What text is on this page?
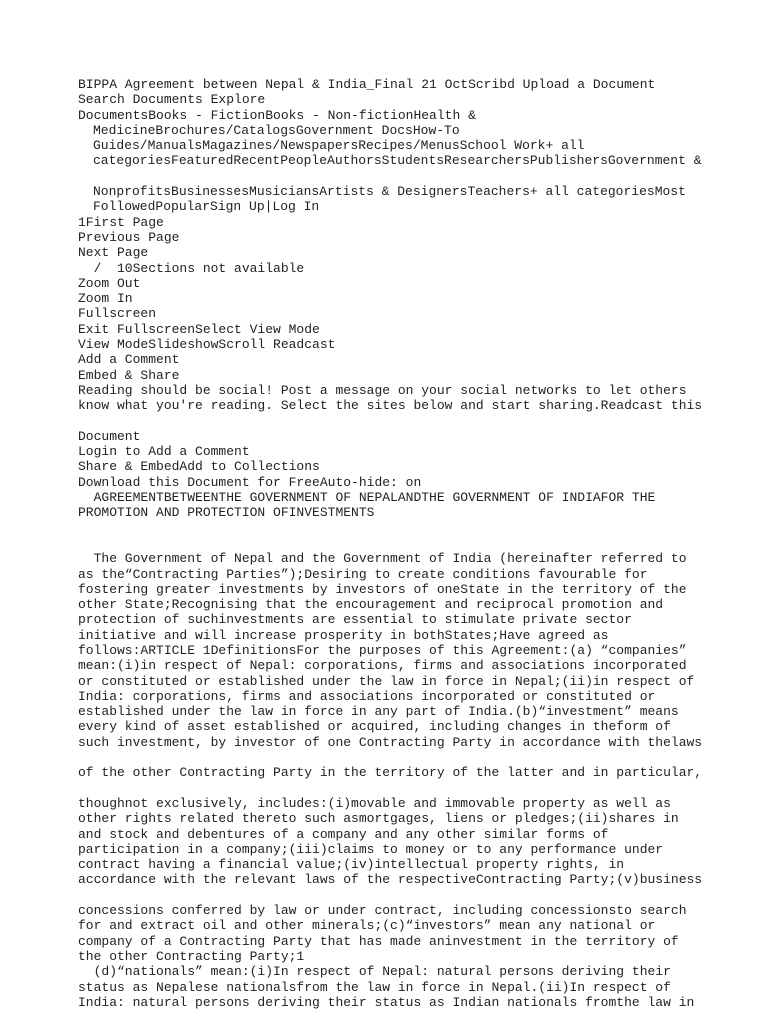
BIPPA Agreement between Nepal & India_Final 21 OctScribd Upload a Document
Search Documents Explore
DocumentsBooks - FictionBooks - Non-fictionHealth &
MedicineBrochures/CatalogsGovernment DocsHow-To
Guides/ManualsMagazines/NewspapersRecipes/MenusSchool Work+ all
categoriesFeaturedRecentPeopleAuthorsStudentsResearchersPublishersGovernment &
NonprofitsBusinessesMusiciansArtists & DesignersTeachers+ all categoriesMost
FollowedPopularSign Up|Log In
1First Page
Previous Page
Next Page
/  10Sections not available
Zoom Out
Zoom In
Fullscreen
Exit FullscreenSelect View Mode
View ModeSlideshowScroll Readcast
Add a Comment
Embed & Share
Reading should be social! Post a message on your social networks to let others
know what you're reading. Select the sites below and start sharing.Readcast this
Document
Login to Add a Comment
Share & EmbedAdd to Collections
Download this Document for FreeAuto-hide: on
AGREEMENTBETWEENTHE GOVERNMENT OF NEPALANDTHE GOVERNMENT OF INDIAFOR THE
PROMOTION AND PROTECTION OFINVESTMENTS
The Government of Nepal and the Government of India (hereinafter referred to
as the“Contracting Parties”);Desiring to create conditions favourable for
fostering greater investments by investors of oneState in the territory of the
other State;Recognising that the encouragement and reciprocal promotion and
protection of suchinvestments are essential to stimulate private sector
initiative and will increase prosperity in bothStates;Have agreed as
follows:ARTICLE 1DefinitionsFor the purposes of this Agreement:(a) “companies”
mean:(i)in respect of Nepal: corporations, firms and associations incorporated
or constituted or established under the law in force in Nepal;(ii)in respect of
India: corporations, firms and associations incorporated or constituted or
established under the law in force in any part of India.(b)“investment” means
every kind of asset established or acquired, including changes in theform of
such investment, by investor of one Contracting Party in accordance with thelaws
of the other Contracting Party in the territory of the latter and in particular,
thoughnot exclusively, includes:(i)movable and immovable property as well as
other rights related thereto such asmortgages, liens or pledges;(ii)shares in
and stock and debentures of a company and any other similar forms of
participation in a company;(iii)claims to money or to any performance under
contract having a financial value;(iv)intellectual property rights, in
accordance with the relevant laws of the respectiveContracting Party;(v)business
concessions conferred by law or under contract, including concessionsto search
for and extract oil and other minerals;(c)“investors” mean any national or
company of a Contracting Party that has made aninvestment in the territory of
the other Contracting Party;1
(d)“nationals” mean:(i)In respect of Nepal: natural persons deriving their
status as Nepalese nationalsfrom the law in force in Nepal.(ii)In respect of
India: natural persons deriving their status as Indian nationals fromthe law in
